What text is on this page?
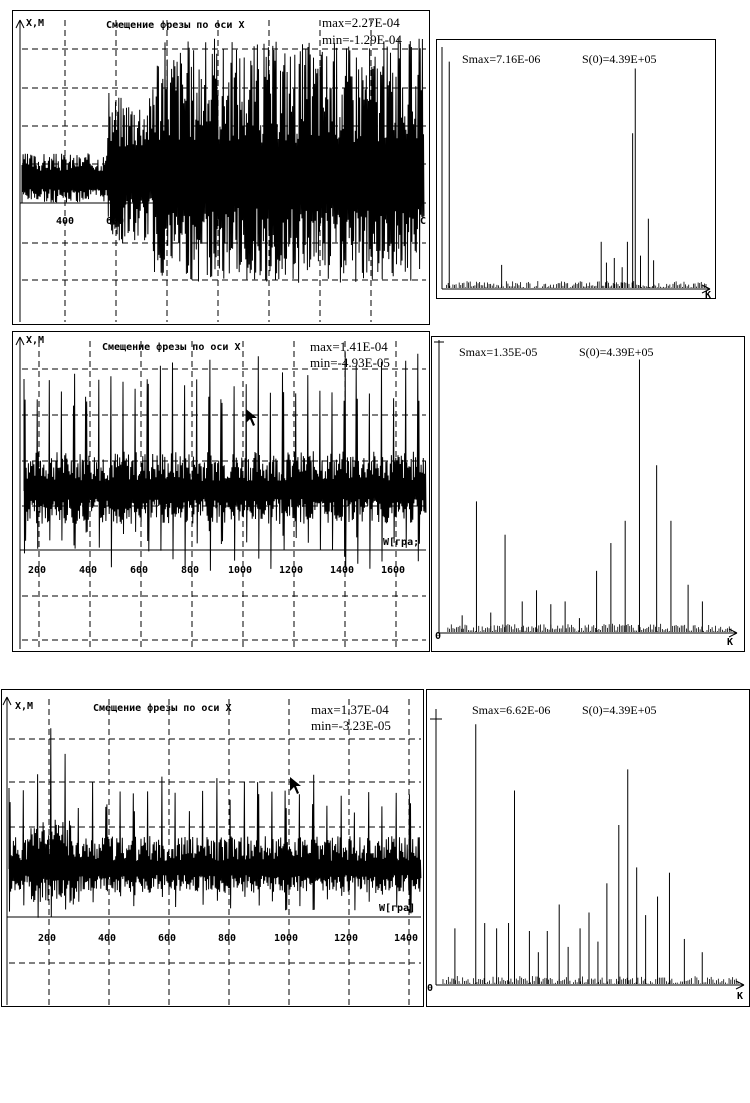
X,M	Смещение фрезы по оси X	max=2.27E-04
min=-1.29E-04
400	600	C
Smax=7.16E-06	S(0)=4.39E+05
K
X,M
Смещение фрезы по оси X	max=1.41E-04
min=-4.93E-05
W[гра;
200	400	600	800	1000	1200	1400	1600
Smax=1.35E-05	S(0)=4.39E+05
0
K
X,M	Смещение фрезы по оси X	max=1.37E-04
min=-3.23E-05
W[гра]
200	400	600	800	1000	1200	1400
Smax=6.62E-06	S(0)=4.39E+05
0
K
